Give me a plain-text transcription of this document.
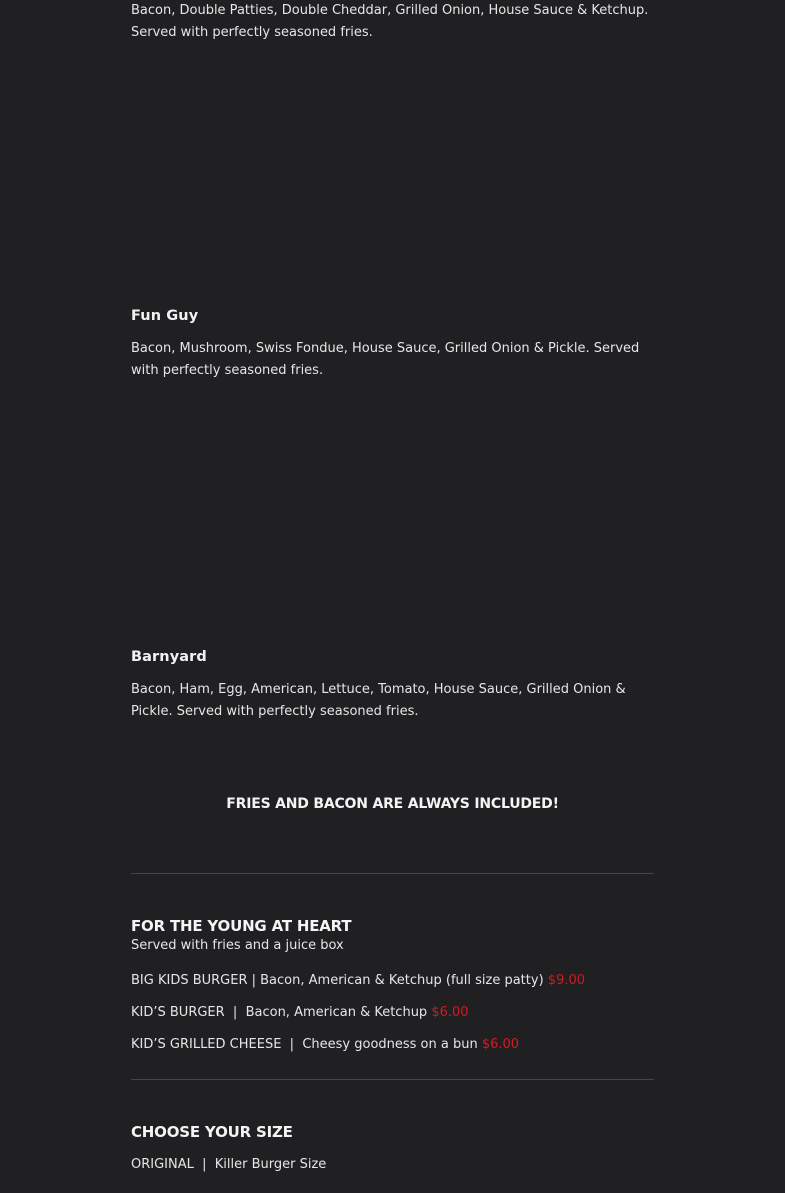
Bacon, Double Patties, Double Cheddar, Grilled Onion, House Sauce & Ketchup. Served with perfectly seasoned fries.

Fun Guy

Bacon, Mushroom, Swiss Fondue, House Sauce, Grilled Onion & Pickle. Served with perfectly seasoned fries.

Barnyard

Bacon, Ham, Egg, American, Lettuce, Tomato, House Sauce, Grilled Onion & Pickle. Served with perfectly seasoned fries.

FRIES AND BACON ARE ALWAYS INCLUDED!

FOR THE YOUNG AT HEART

Served with fries and a juice box

BIG KIDS BURGER | Bacon, American & Ketchup (full size patty) $9.00
KID’S BURGER  |  Bacon, American & Ketchup $6.00
KID’S GRILLED CHEESE  |  Cheesy goodness on a bun $6.00

CHOOSE YOUR SIZE

ORIGINAL  |  Killer Burger Size
